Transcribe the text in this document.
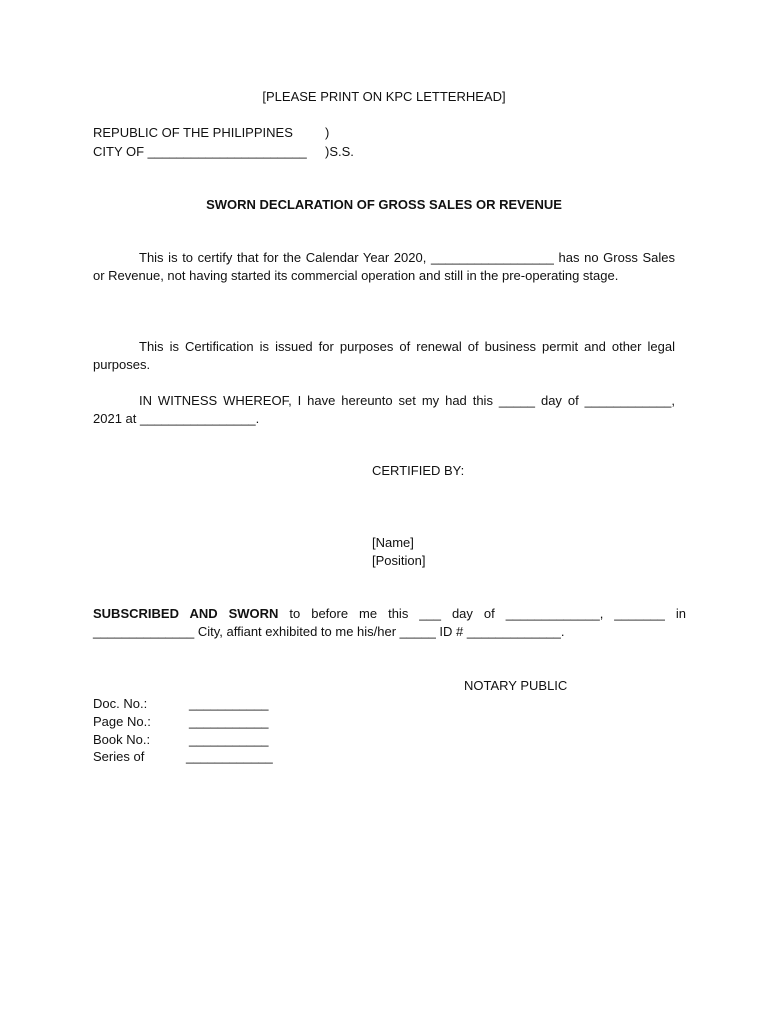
[PLEASE PRINT ON KPC LETTERHEAD]
REPUBLIC OF THE PHILIPPINES )
CITY OF ______________________ )S.S.
SWORN DECLARATION OF GROSS SALES OR REVENUE
This is to certify that for the Calendar Year 2020, _________________ has no Gross Sales or Revenue, not having started its commercial operation and still in the pre-operating stage.
This is Certification is issued for purposes of renewal of business permit and other legal purposes.
IN WITNESS WHEREOF, I have hereunto set my had this _____ day of ____________, 2021 at ________________.
CERTIFIED BY:
[Name]
[Position]
SUBSCRIBED AND SWORN to before me this ___ day of _____________, _______ in ______________ City, affiant exhibited to me his/her _____ ID # _____________.
NOTARY PUBLIC
Doc. No.:	___________
Page No.:	___________
Book No.:	___________
Series of	____________
